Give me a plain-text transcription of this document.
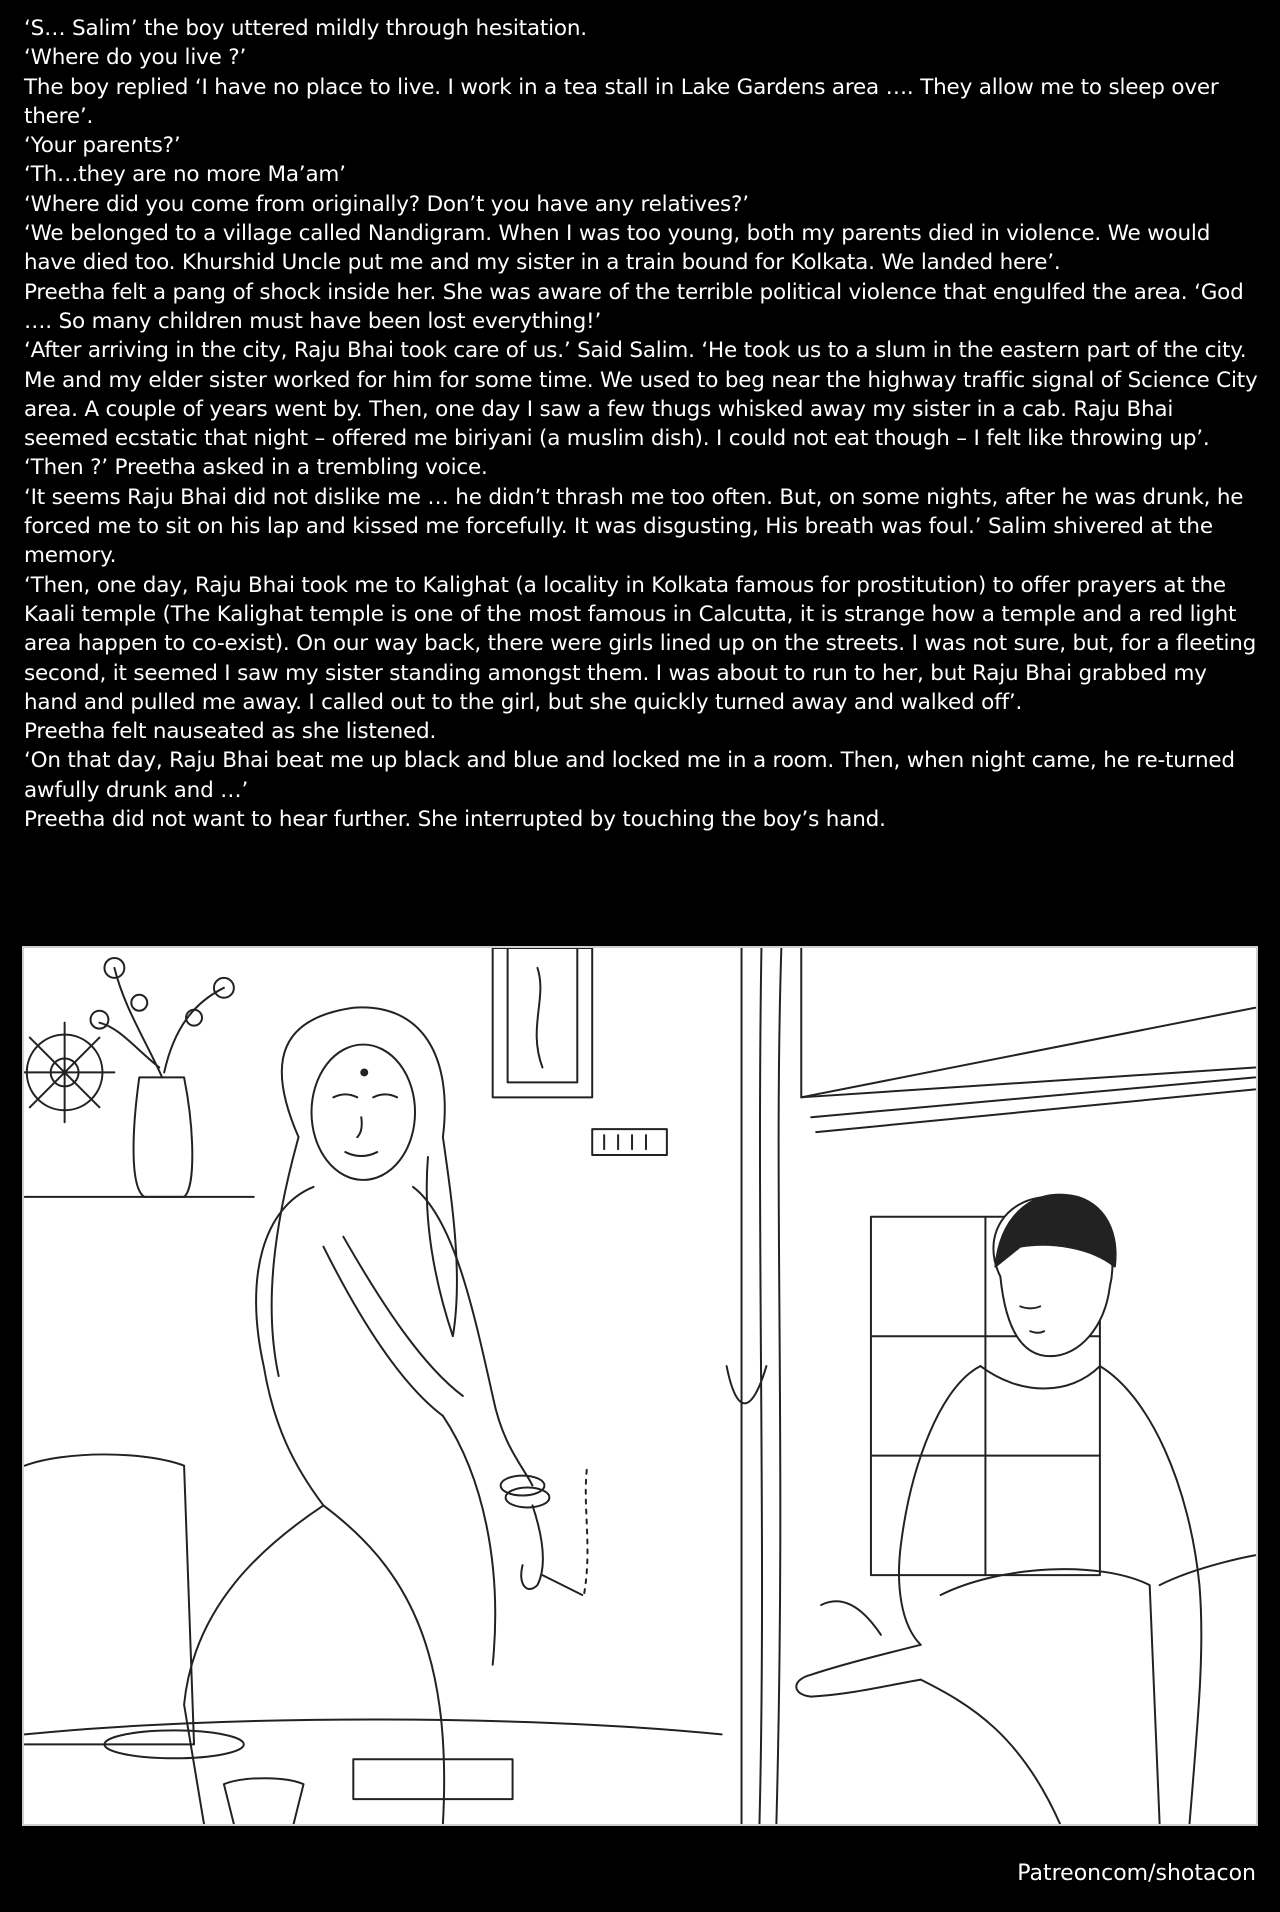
‘S… Salim’ the boy uttered mildly through hesitation.

‘Where do you live ?’

The boy replied ‘I have no place to live. I work in a tea stall in Lake Gardens area …. They allow me to sleep over there’.

‘Your parents?’

‘Th…they are no more Ma’am’

‘Where did you come from originally? Don’t you have any relatives?’

‘We belonged to a village called Nandigram. When I was too young, both my parents died in violence. We would have died too. Khurshid Uncle put me and my sister in a train bound for Kolkata. We landed here’.

Preetha felt a pang of shock inside her. She was aware of the terrible political violence that engulfed the area. ‘God …. So many children must have been lost everything!’

‘After arriving in the city, Raju Bhai took care of us.’ Said Salim. ‘He took us to a slum in the eastern part of the city. Me and my elder sister worked for him for some time. We used to beg near the highway traffic signal of Science City area. A couple of years went by. Then, one day I saw a few thugs whisked away my sister in a cab. Raju Bhai seemed ecstatic that night – offered me biriyani (a muslim dish). I could not eat though – I felt like throwing up’.

‘Then ?’ Preetha asked in a trembling voice.

‘It seems Raju Bhai did not dislike me … he didn’t thrash me too often. But, on some nights, after he was drunk, he forced me to sit on his lap and kissed me forcefully. It was disgusting, His breath was foul.’ Salim shivered at the memory.

‘Then, one day, Raju Bhai took me to Kalighat (a locality in Kolkata famous for prostitution) to offer prayers at the Kaali temple (The Kalighat temple is one of the most famous in Calcutta, it is strange how a temple and a red light area happen to co-exist). On our way back, there were girls lined up on the streets. I was not sure, but, for a fleeting second, it seemed I saw my sister standing amongst them. I was about to run to her, but Raju Bhai grabbed my hand and pulled me away. I called out to the girl, but she quickly turned away and walked off’.

Preetha felt nauseated as she listened.

‘On that day, Raju Bhai beat me up black and blue and locked me in a room. Then, when night came, he re-turned awfully drunk and …’

Preetha did not want to hear further. She interrupted by touching the boy’s hand.

Patreoncom/shotacon
